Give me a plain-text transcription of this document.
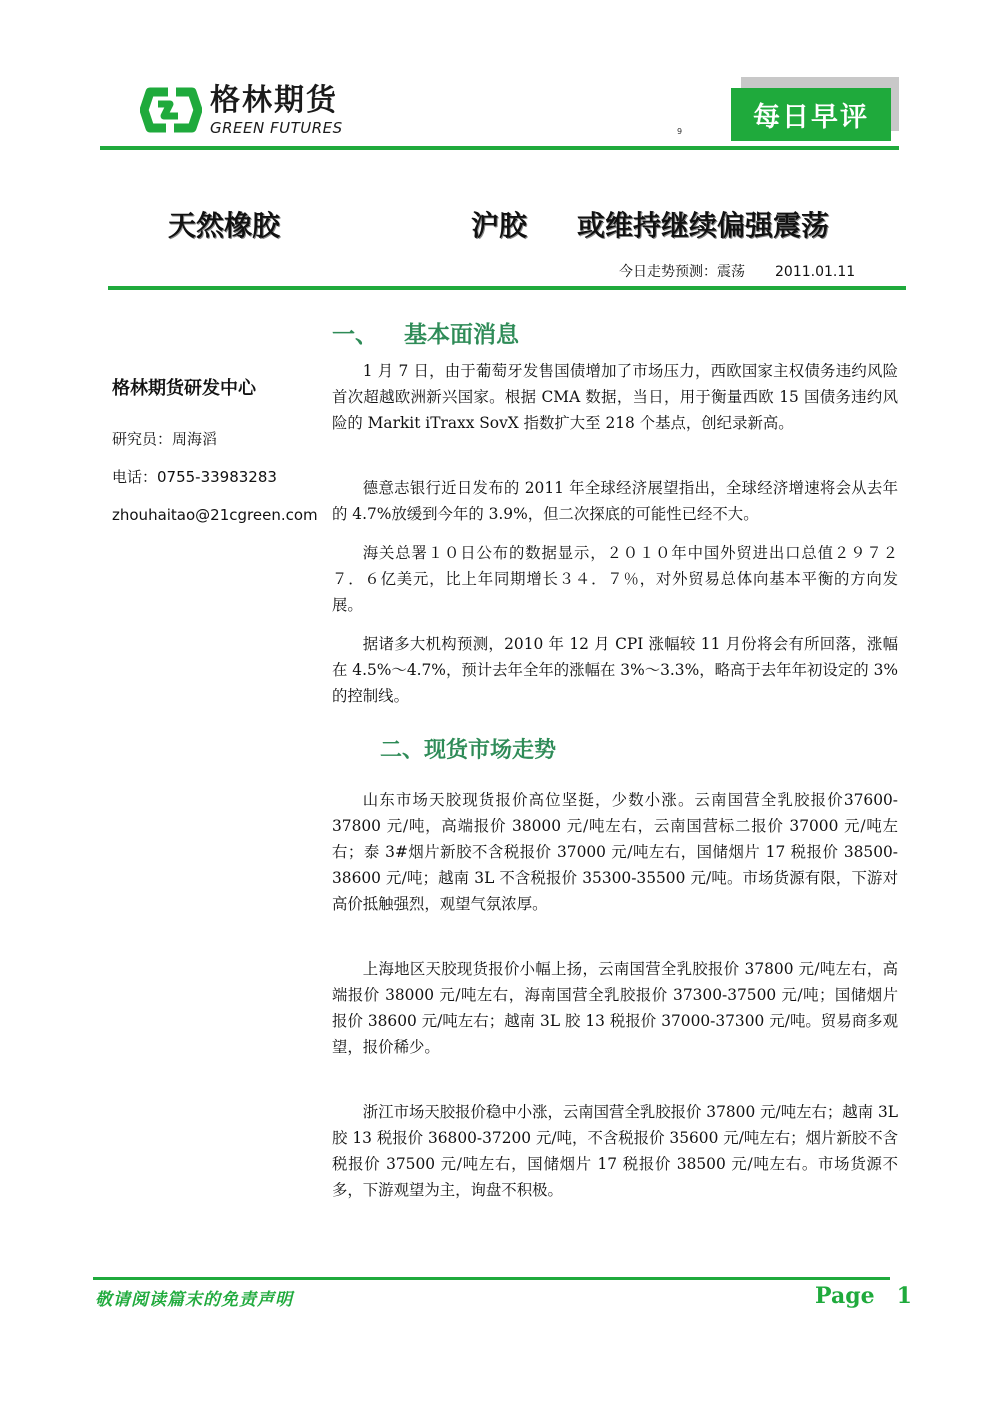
格林期货
GREEN FUTURES	9	每日早评
天然橡胶	沪胶 或维持继续偏强震荡
今日走势预测：震荡 2011.01.11
格林期货研发中心
研究员：周海滔
电话：0755-33983283
zhouhaitao@21cgreen.com
一、 基本面消息

1 月 7 日，由于葡萄牙发售国债增加了市场压力，西欧国家主权债务违约风险首次超越欧洲新兴国家。根据 CMA 数据，当日，用于衡量西欧 15 国债务违约风险的 Markit iTraxx SovX 指数扩大至 218 个基点，创纪录新高。

德意志银行近日发布的 2011 年全球经济展望指出，全球经济增速将会从去年的 4.7%放缓到今年的 3.9%，但二次探底的可能性已经不大。

海关总署１０日公布的数据显示，２０１０年中国外贸进出口总值２９７２７．６亿美元，比上年同期增长３４．７％，对外贸易总体向基本平衡的方向发展。

据诸多大机构预测，2010 年 12 月 CPI 涨幅较 11 月份将会有所回落，涨幅在 4.5%～4.7%，预计去年全年的涨幅在 3%～3.3%，略高于去年年初设定的 3%的控制线。

二、现货市场走势

山东市场天胶现货报价高位坚挺，少数小涨。云南国营全乳胶报价37600-37800 元/吨，高端报价 38000 元/吨左右，云南国营标二报价 37000 元/吨左右；泰 3#烟片新胶不含税报价 37000 元/吨左右，国储烟片 17 税报价 38500-38600 元/吨；越南 3L 不含税报价 35300-35500 元/吨。市场货源有限，下游对高价抵触强烈，观望气氛浓厚。

上海地区天胶现货报价小幅上扬，云南国营全乳胶报价 37800 元/吨左右，高端报价 38000 元/吨左右，海南国营全乳胶报价 37300-37500 元/吨；国储烟片报价 38600 元/吨左右；越南 3L 胶 13 税报价 37000-37300 元/吨。贸易商多观望，报价稀少。

浙江市场天胶报价稳中小涨，云南国营全乳胶报价 37800 元/吨左右；越南 3L 胶 13 税报价 36800-37200 元/吨，不含税报价 35600 元/吨左右；烟片新胶不含税报价 37500 元/吨左右，国储烟片 17 税报价 38500 元/吨左右。市场货源不多，下游观望为主，询盘不积极。

敬请阅读篇末的免责声明	Page 1
